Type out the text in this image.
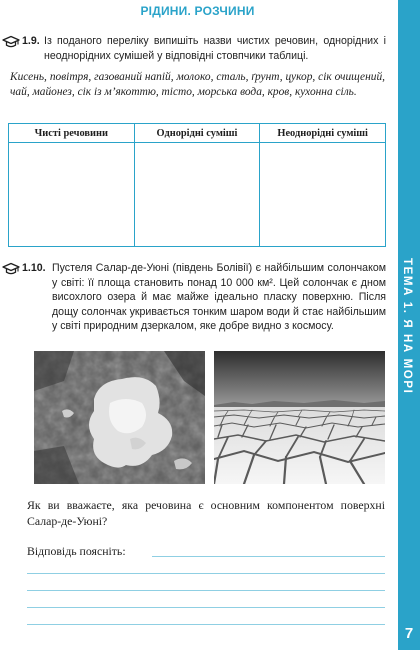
РІДИНИ. РОЗЧИНИ
ТЕМА 1. Я НА МОРІ
7
1.9. Із поданого переліку випишіть назви чистих речовин, однорідних і неоднорідних сумішей у відповідні стовпчики таблиці.
Кисень, повітря, газований напій, молоко, сталь, ґрунт, цукор, сік очищений, чай, майонез, сік із м’якоттю, тісто, морська вода, кров, кухонна сіль.
Чисті речовини	Однорідні суміші	Неоднорідні суміші

1.10. Пустеля Салар-де-Уюні (південь Болівії) є найбільшим солончаком у світі: її площа становить понад 10 000 км². Цей солончак є дном висохлого озера й має майже ідеально пласку поверхню. Після дощу солончак укривається тонким шаром води й стає найбільшим у світі природним дзеркалом, яке добре видно з космосу.
Як ви вважаєте, яка речовина є основним компонентом поверхні Салар-де-Уюні?
Відповідь поясніть:
